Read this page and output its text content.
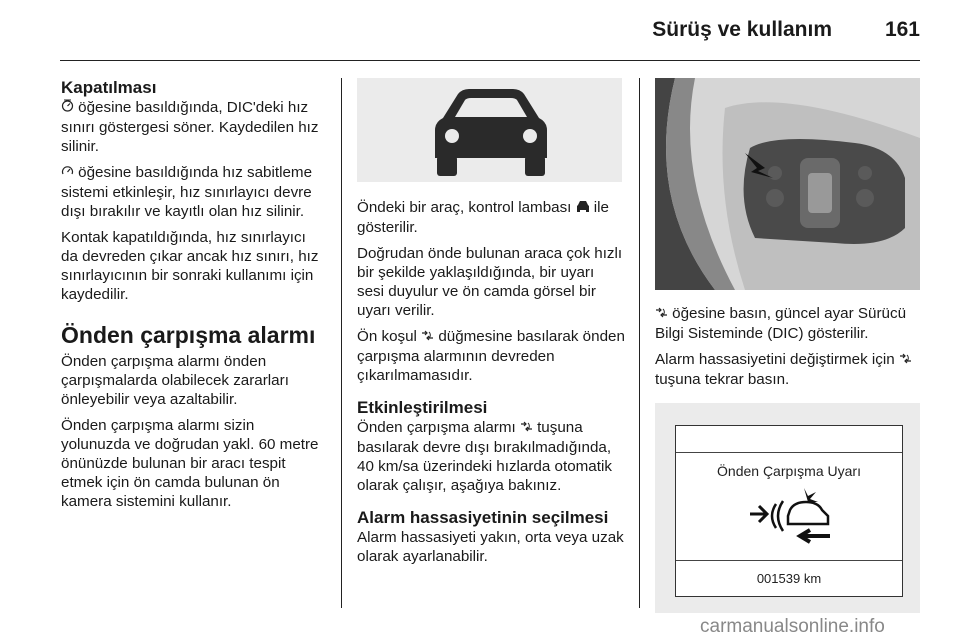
Sürüş ve kullanım	161
Kapatılması

öğesine basıldığında, DIC'deki hız sınırı göstergesi söner. Kaydedilen hız silinir.

öğesine basıldığında hız sabitleme sistemi etkinleşir, hız sınırlayıcı devre dışı bırakılır ve kayıtlı olan hız silinir.

Kontak kapatıldığında, hız sınırlayıcı da devreden çıkar ancak hız sınırı, hız sınırlayıcının bir sonraki kullanımı için kaydedilir.

Önden çarpışma alarmı

Önden çarpışma alarmı önden çarpışmalarda olabilecek zararları önleyebilir veya azaltabilir.

Önden çarpışma alarmı sizin yolunuzda ve doğrudan yakl. 60 metre önünüzde bulunan bir aracı tespit etmek için ön camda bulunan ön kamera sistemini kullanır.

Öndeki bir araç, kontrol lambası ile gösterilir.

Doğrudan önde bulunan araca çok hızlı bir şekilde yaklaşıldığında, bir uyarı sesi duyulur ve ön camda görsel bir uyarı verilir.

Ön koşul düğmesine basılarak önden çarpışma alarmının devreden çıkarılmamasıdır.

Etkinleştirilmesi

Önden çarpışma alarmı tuşuna basılarak devre dışı bırakılmadığında, 40 km/sa üzerindeki hızlarda otomatik olarak çalışır, aşağıya bakınız.

Alarm hassasiyetinin seçilmesi

Alarm hassasiyeti yakın, orta veya uzak olarak ayarlanabilir.

öğesine basın, güncel ayar Sürücü Bilgi Sisteminde (DIC) gösterilir.

Alarm hassasiyetini değiştirmek için  tuşuna tekrar basın.

Önden Çarpışma Uyarı
001539 km
carmanualsonline.info
